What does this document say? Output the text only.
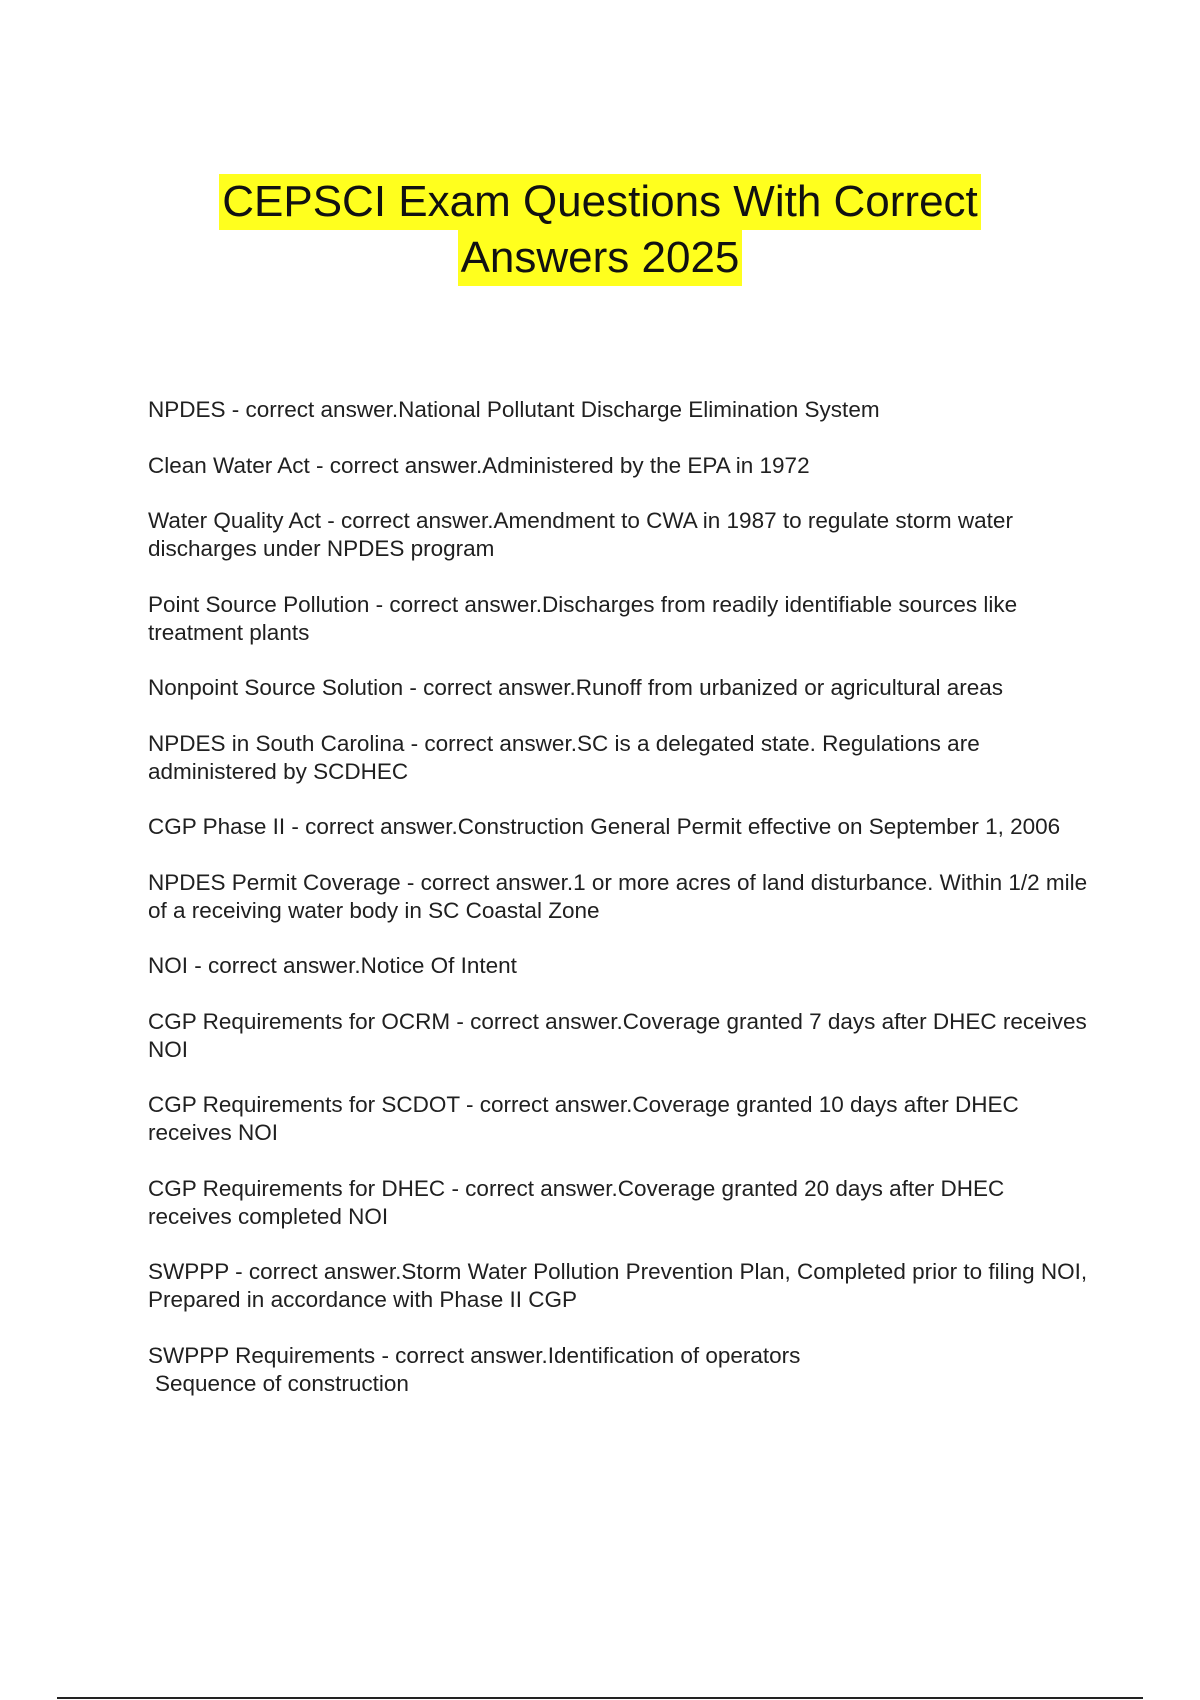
CEPSCI Exam Questions With Correct
Answers 2025
NPDES - correct answer.National Pollutant Discharge Elimination System
Clean Water Act - correct answer.Administered by the EPA in 1972
Water Quality Act - correct answer.Amendment to CWA in 1987 to regulate storm water discharges under NPDES program
Point Source Pollution - correct answer.Discharges from readily identifiable sources like treatment plants
Nonpoint Source Solution - correct answer.Runoff from urbanized or agricultural areas
NPDES in South Carolina - correct answer.SC is a delegated state. Regulations are administered by SCDHEC
CGP Phase II - correct answer.Construction General Permit effective on September 1, 2006
NPDES Permit Coverage - correct answer.1 or more acres of land disturbance. Within 1/2 mile of a receiving water body in SC Coastal Zone
NOI - correct answer.Notice Of Intent
CGP Requirements for OCRM - correct answer.Coverage granted 7 days after DHEC receives NOI
CGP Requirements for SCDOT - correct answer.Coverage granted 10 days after DHEC receives NOI
CGP Requirements for DHEC - correct answer.Coverage granted 20 days after DHEC receives completed NOI
SWPPP - correct answer.Storm Water Pollution Prevention Plan, Completed prior to filing NOI, Prepared in accordance with Phase II CGP
SWPPP Requirements - correct answer.Identification of operators
Sequence of construction
